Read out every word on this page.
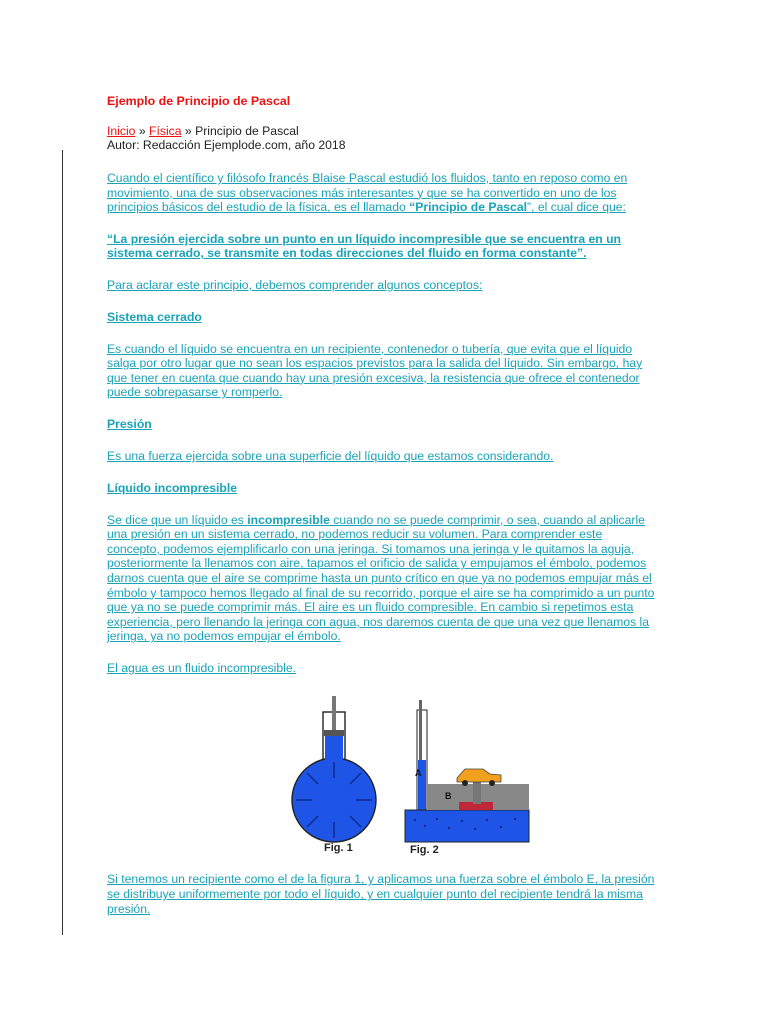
Ejemplo de Principio de Pascal
Inicio » Física » Principio de Pascal
Autor: Redacción Ejemplode.com, año 2018

Cuando el científico y filósofo francés Blaise Pascal estudió los fluidos, tanto en reposo como en movimiento, una de sus observaciones más interesantes y que se ha convertido en uno de los principios básicos del estudio de la física, es el llamado “Principio de Pascal”, el cual dice que:

“La presión ejercida sobre un punto en un líquido incompresible que se encuentra en un sistema cerrado, se transmite en todas direcciones del fluido en forma constante”.

Para aclarar este principio, debemos comprender algunos conceptos:

Sistema cerrado

Es cuando el líquido se encuentra en un recipiente, contenedor o tubería, que evita que el líquido salga por otro lugar que no sean los espacios previstos para la salida del líquido. Sin embargo, hay que tener en cuenta que cuando hay una presión excesiva, la resistencia que ofrece el contenedor puede sobrepasarse y romperlo.

Presión

Es una fuerza ejercida sobre una superficie del líquido que estamos considerando.

Líquido incompresible

Se dice que un líquido es incompresible cuando no se puede comprimir, o sea, cuando al aplicarle una presión en un sistema cerrado, no podemos reducir su volumen. Para comprender este concepto, podemos ejemplificarlo con una jeringa. Si tomamos una jeringa y le quitamos la aguja, posteriormente la llenamos con aire, tapamos el orificio de salida y empujamos el émbolo, podemos darnos cuenta que el aire se comprime hasta un punto crítico en que ya no podemos empujar más el émbolo y tampoco hemos llegado al final de su recorrido, porque el aire se ha comprimido a un punto que ya no se puede comprimir más. El aire es un fluido compresible. En cambio si repetimos esta experiencia, pero llenando la jeringa con agua, nos daremos cuenta de que una vez que llenamos la jeringa, ya no podemos empujar el émbolo.

El agua es un fluido incompresible.

A
B
Fig. 1	Fig. 2

Si tenemos un recipiente como el de la figura 1, y aplicamos una fuerza sobre el émbolo E, la presión se distribuye uniformemente por todo el líquido, y en cualquier punto del recipiente tendrá la misma presión.
